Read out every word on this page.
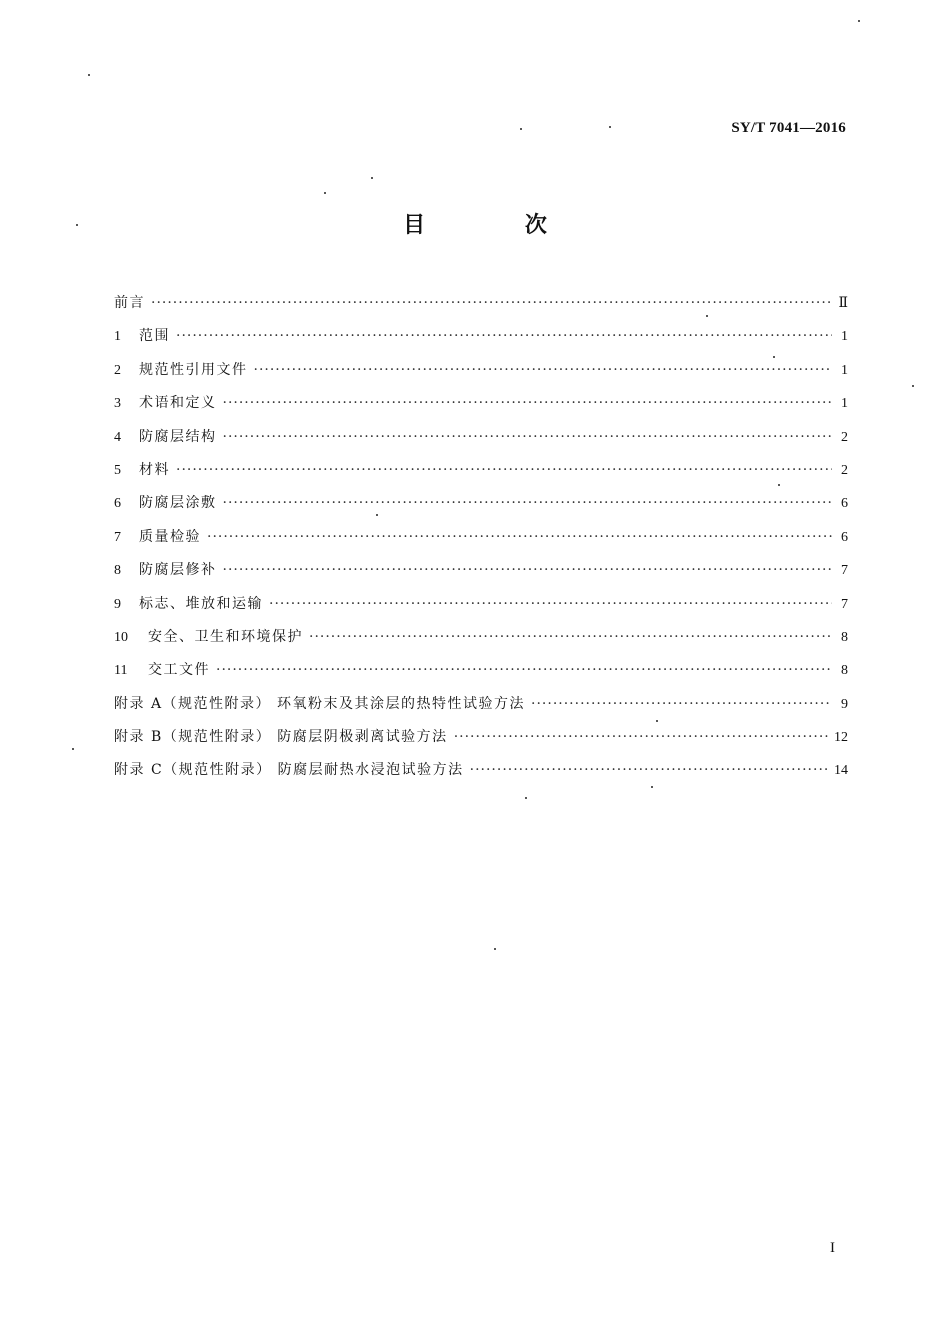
SY/T 7041—2016
目 次
前言 ·····	Ⅱ
1	范围 ·····	1
2	规范性引用文件 ·····	1
3	术语和定义 ·····	1
4	防腐层结构 ·····	2
5	材料 ·····	2
6	防腐层涂敷 ·····	6
7	质量检验 ·····	6
8	防腐层修补 ·····	7
9	标志、堆放和运输 ·····	7
10	安全、卫生和环境保护 ·····	8
11	交工文件 ·····	8
附录 A（规范性附录） 环氧粉末及其涂层的热特性试验方法 ·····	9
附录 B（规范性附录） 防腐层阴极剥离试验方法 ·····	12
附录 C（规范性附录） 防腐层耐热水浸泡试验方法 ·····	14
I
